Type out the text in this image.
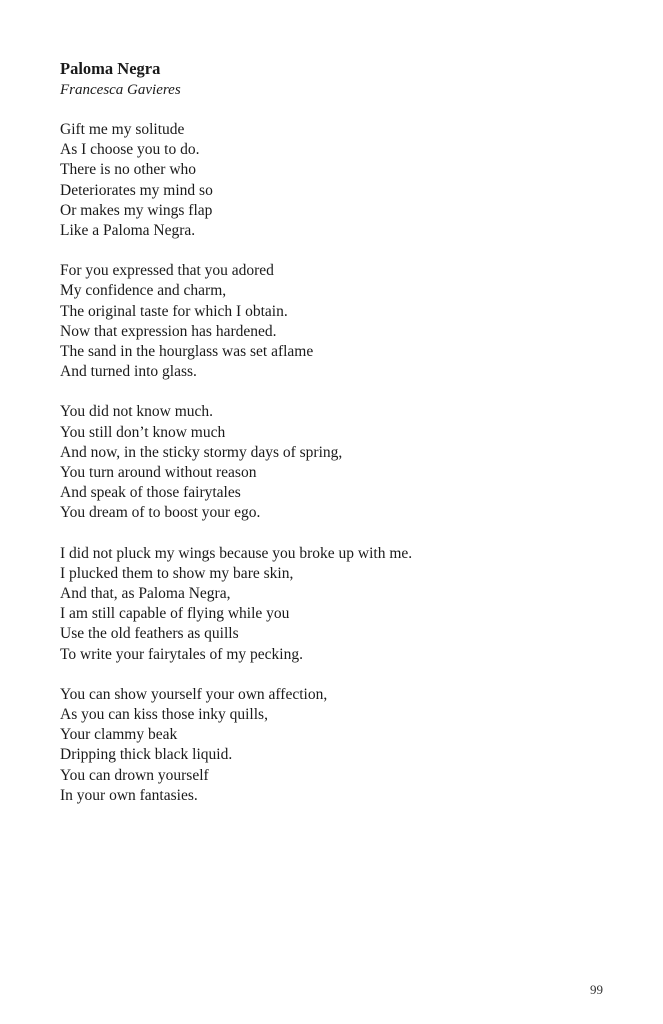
Paloma Negra

Francesca Gavieres

Gift me my solitude
As I choose you to do.
There is no other who
Deteriorates my mind so
Or makes my wings flap
Like a Paloma Negra.
For you expressed that you adored
My confidence and charm,
The original taste for which I obtain.
Now that expression has hardened.
The sand in the hourglass was set aflame
And turned into glass.
You did not know much.
You still don’t know much
And now, in the sticky stormy days of spring,
You turn around without reason
And speak of those fairytales
You dream of to boost your ego.
I did not pluck my wings because you broke up with me.
I plucked them to show my bare skin,
And that, as Paloma Negra,
I am still capable of flying while you
Use the old feathers as quills
To write your fairytales of my pecking.
You can show yourself your own affection,
As you can kiss those inky quills,
Your clammy beak
Dripping thick black liquid.
You can drown yourself
In your own fantasies.
99
